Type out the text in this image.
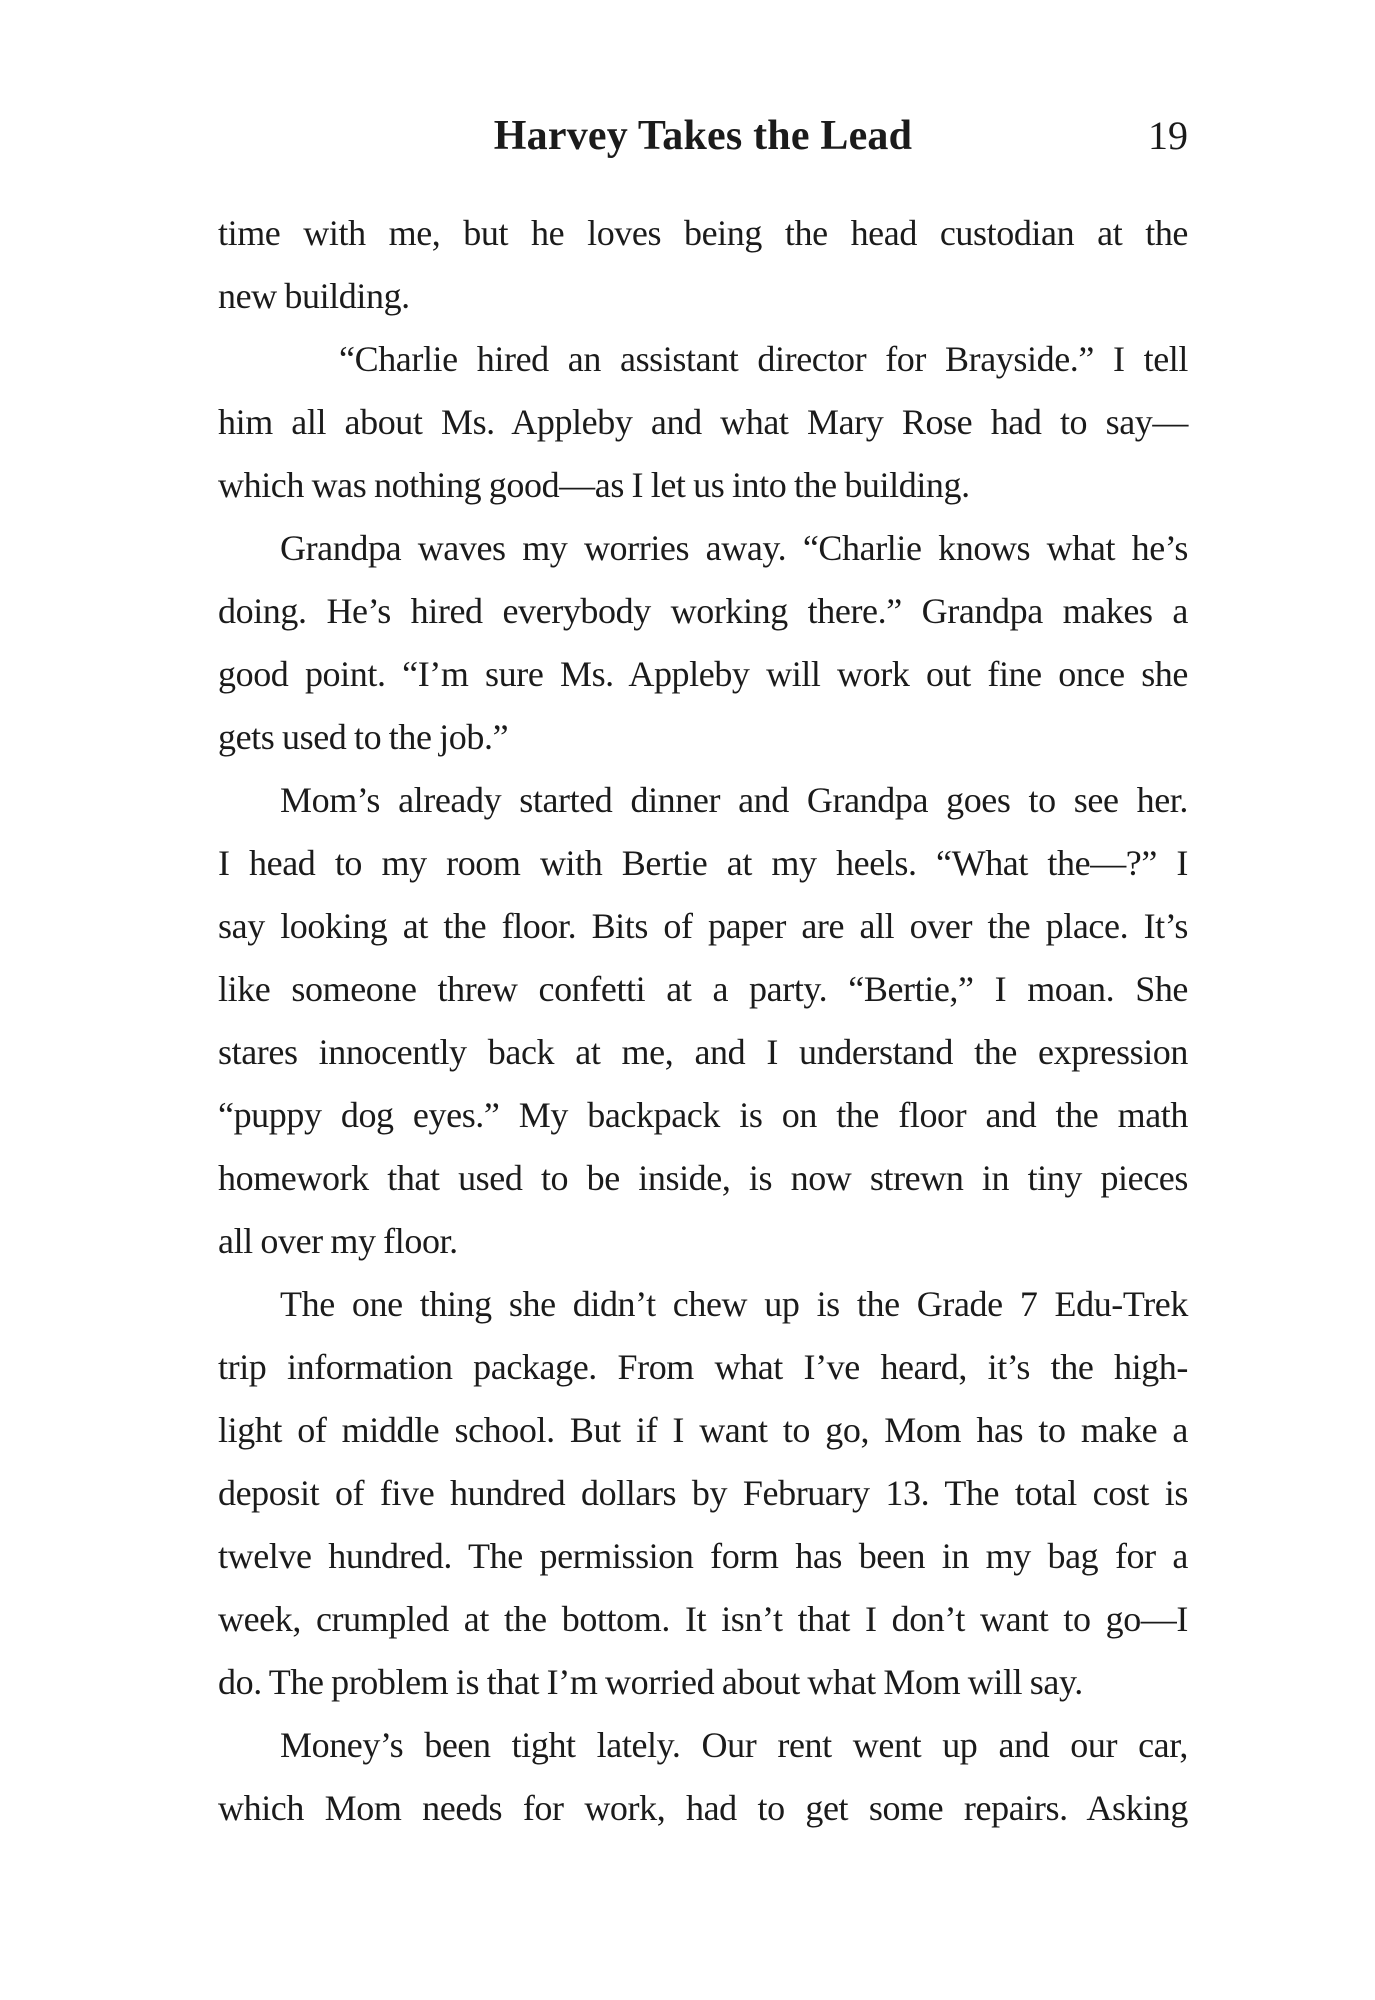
Harvey Takes the Lead	19
time with me, but he loves being the head custodian at the
new building.
“Charlie hired an assistant director for Brayside.” I tell
him all about Ms. Appleby and what Mary Rose had to say—
which was nothing good—as I let us into the building.
Grandpa waves my worries away. “Charlie knows what he’s
doing. He’s hired everybody working there.” Grandpa makes a
good point. “I’m sure Ms. Appleby will work out fine once she
gets used to the job.”
Mom’s already started dinner and Grandpa goes to see her.
I head to my room with Bertie at my heels. “What the—?” I
say looking at the floor. Bits of paper are all over the place. It’s
like someone threw confetti at a party. “Bertie,” I moan. She
stares innocently back at me, and I understand the expression
“puppy dog eyes.” My backpack is on the floor and the math
homework that used to be inside, is now strewn in tiny pieces
all over my floor.
The one thing she didn’t chew up is the Grade 7 Edu-Trek
trip information package. From what I’ve heard, it’s the high-
light of middle school. But if I want to go, Mom has to make a
deposit of five hundred dollars by February 13. The total cost is
twelve hundred. The permission form has been in my bag for a
week, crumpled at the bottom. It isn’t that I don’t want to go—I
do. The problem is that I’m worried about what Mom will say.
Money’s been tight lately. Our rent went up and our car,
which Mom needs for work, had to get some repairs. Asking
